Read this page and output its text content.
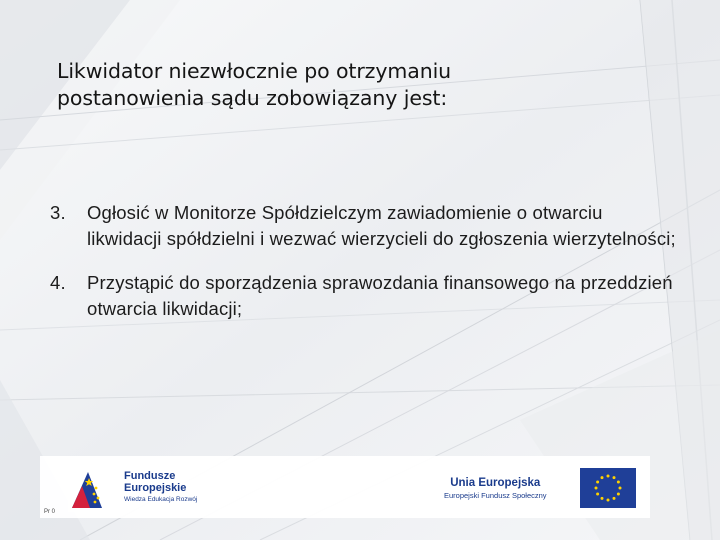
Likwidator niezwłocznie po otrzymaniu
postanowienia sądu zobowiązany jest:
3.	Ogłosić w Monitorze Spółdzielczym zawiadomienie o otwarciu likwidacji spółdzielni i wezwać wierzycieli do zgłoszenia wierzytelności;
4.	Przystąpić do sporządzenia sprawozdania finansowego na przeddzień otwarcia likwidacji;
Fundusze
Europejskie
Wiedza Edukacja Rozwój
Unia Europejska
Europejski Fundusz Społeczny
Pr 0
